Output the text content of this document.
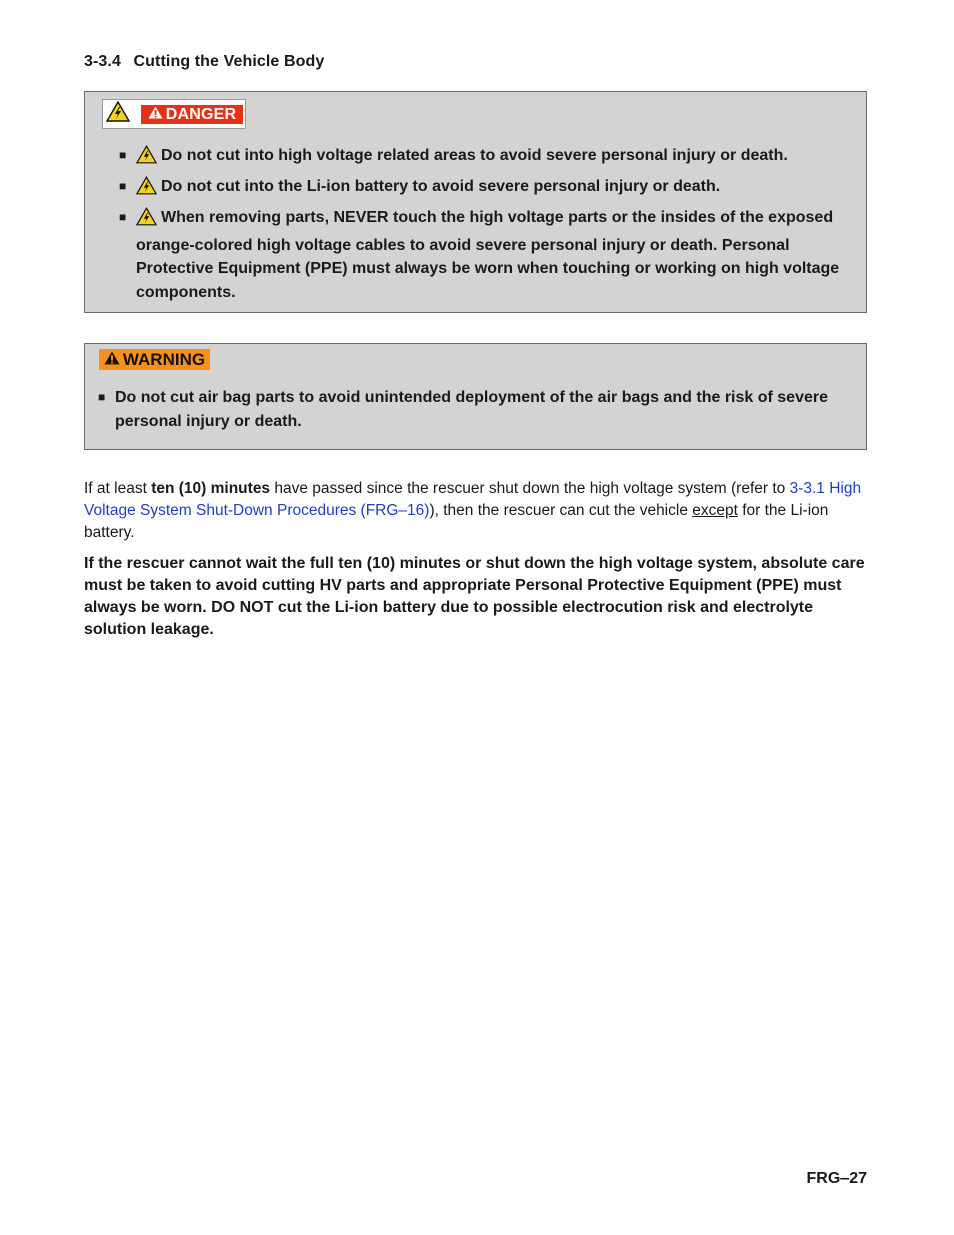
3-3.4 Cutting the Vehicle Body
DANGER
■ Do not cut into high voltage related areas to avoid severe personal injury or death.
■ Do not cut into the Li-ion battery to avoid severe personal injury or death.
■ When removing parts, NEVER touch the high voltage parts or the insides of the exposed orange-colored high voltage cables to avoid severe personal injury or death. Personal Protective Equipment (PPE) must always be worn when touching or working on high voltage components.
WARNING
■ Do not cut air bag parts to avoid unintended deployment of the air bags and the risk of severe personal injury or death.

If at least ten (10) minutes have passed since the rescuer shut down the high voltage system (refer to 3-3.1 High Voltage System Shut-Down Procedures (FRG‒16)), then the rescuer can cut the vehicle except for the Li-ion battery.

If the rescuer cannot wait the full ten (10) minutes or shut down the high voltage system, absolute care must be taken to avoid cutting HV parts and appropriate Personal Protective Equipment (PPE) must always be worn. DO NOT cut the Li-ion battery due to possible electrocution risk and electrolyte solution leakage.

FRG‒27
